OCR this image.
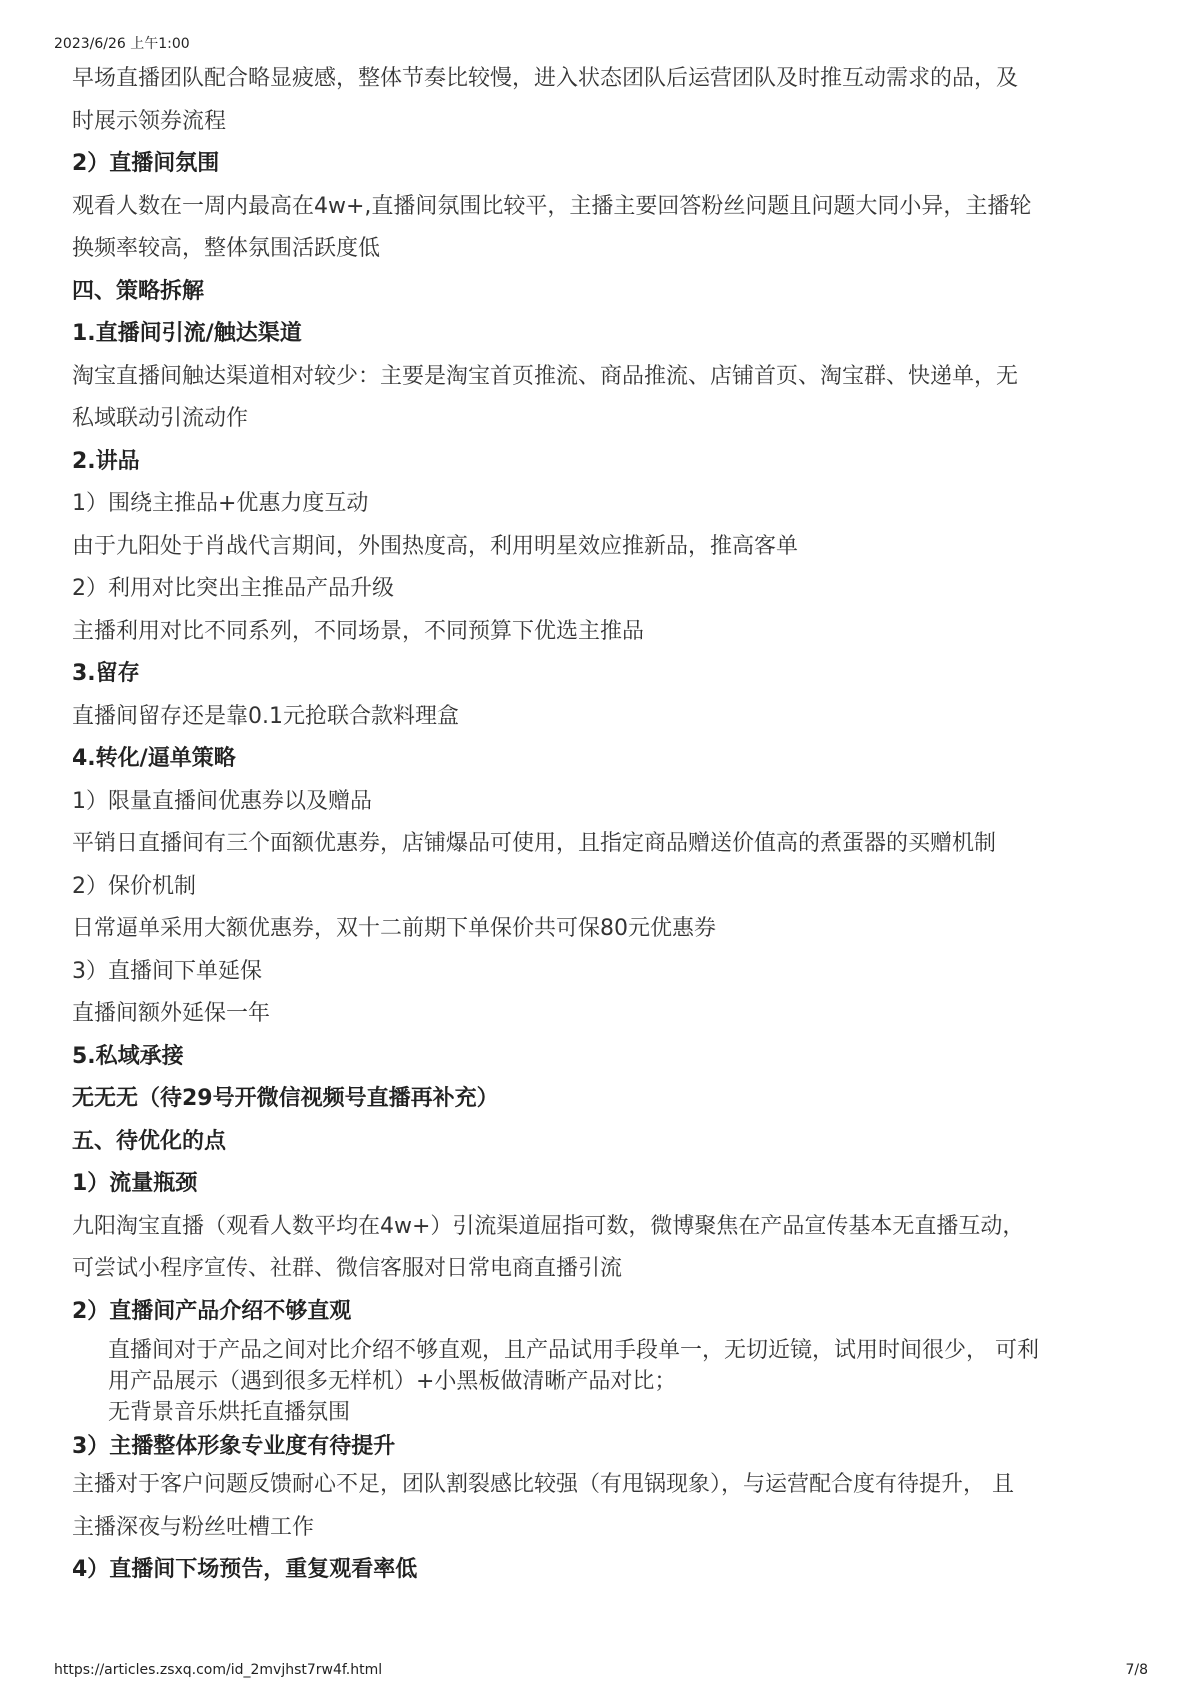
2023/6/26 上午1:00
早场直播团队配合略显疲感，整体节奏比较慢，进入状态团队后运营团队及时推互动需求的品，及
时展示领券流程
2）直播间氛围
观看人数在一周内最高在4w+,直播间氛围比较平，主播主要回答粉丝问题且问题大同小异，主播轮
换频率较高，整体氛围活跃度低
四、策略拆解
1.直播间引流/触达渠道
淘宝直播间触达渠道相对较少：主要是淘宝首页推流、商品推流、店铺首页、淘宝群、快递单，无
私域联动引流动作
2.讲品
1）围绕主推品+优惠力度互动
由于九阳处于肖战代言期间，外围热度高，利用明星效应推新品，推高客单
2）利用对比突出主推品产品升级
主播利用对比不同系列，不同场景，不同预算下优选主推品
3.留存
直播间留存还是靠0.1元抢联合款料理盒
4.转化/逼单策略
1）限量直播间优惠券以及赠品
平销日直播间有三个面额优惠券，店铺爆品可使用，且指定商品赠送价值高的煮蛋器的买赠机制
2）保价机制
日常逼单采用大额优惠券，双十二前期下单保价共可保80元优惠券
3）直播间下单延保
直播间额外延保一年
5.私域承接
无无无（待29号开微信视频号直播再补充）
五、待优化的点
1）流量瓶颈
九阳淘宝直播（观看人数平均在4w+）引流渠道屈指可数，微博聚焦在产品宣传基本无直播互动，
可尝试小程序宣传、社群、微信客服对日常电商直播引流
2）直播间产品介绍不够直观
直播间对于产品之间对比介绍不够直观，且产品试用手段单一，无切近镜，试用时间很少， 可利
用产品展示（遇到很多无样机）+小黑板做清晰产品对比；
无背景音乐烘托直播氛围
3）主播整体形象专业度有待提升
主播对于客户问题反馈耐心不足，团队割裂感比较强（有甩锅现象），与运营配合度有待提升， 且
主播深夜与粉丝吐槽工作
4）直播间下场预告，重复观看率低
https://articles.zsxq.com/id_2mvjhst7rw4f.html	7/8
